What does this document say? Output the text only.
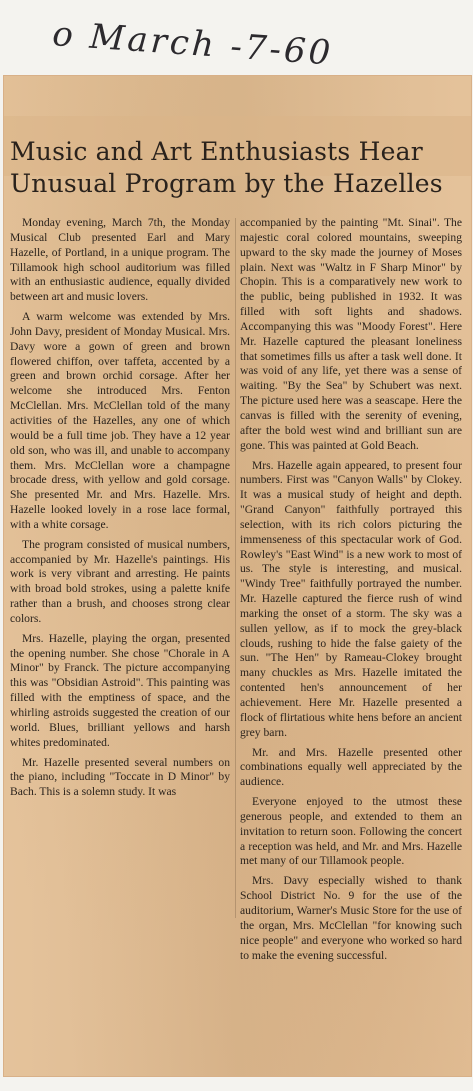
o March -7-60
Music and Art Enthusiasts Hear Unusual Program by the Hazelles

Monday evening, March 7th, the Monday Musical Club presented Earl and Mary Hazelle, of Portland, in a unique program. The Tillamook high school auditorium was filled with an enthusiastic audience, equally divided between art and music lovers.

A warm welcome was extended by Mrs. John Davy, president of Monday Musical. Mrs. Davy wore a gown of green and brown flowered chiffon, over taffeta, accented by a green and brown orchid corsage. After her welcome she introduced Mrs. Fenton McClellan. Mrs. McClellan told of the many activities of the Hazelles, any one of which would be a full time job. They have a 12 year old son, who was ill, and unable to accompany them. Mrs. McClellan wore a champagne brocade dress, with yellow and gold corsage. She presented Mr. and Mrs. Hazelle. Mrs. Hazelle looked lovely in a rose lace formal, with a white corsage.

The program consisted of musical numbers, accompanied by Mr. Hazelle's paintings. His work is very vibrant and arresting. He paints with broad bold strokes, using a palette knife rather than a brush, and chooses strong clear colors.

Mrs. Hazelle, playing the organ, presented the opening number. She chose "Chorale in A Minor" by Franck. The picture accompanying this was "Obsidian Astroid". This painting was filled with the emptiness of space, and the whirling astroids suggested the creation of our world. Blues, brilliant yellows and harsh whites predominated.

Mr. Hazelle presented several numbers on the piano, including "Toccate in D Minor" by Bach. This is a solemn study. It was

accompanied by the painting "Mt. Sinai". The majestic coral colored mountains, sweeping upward to the sky made the journey of Moses plain. Next was "Waltz in F Sharp Minor" by Chopin. This is a comparatively new work to the public, being published in 1932. It was filled with soft lights and shadows. Accompanying this was "Moody Forest". Here Mr. Hazelle captured the pleasant loneliness that sometimes fills us after a task well done. It was void of any life, yet there was a sense of waiting. "By the Sea" by Schubert was next. The picture used here was a seascape. Here the canvas is filled with the serenity of evening, after the bold west wind and brilliant sun are gone. This was painted at Gold Beach.

Mrs. Hazelle again appeared, to present four numbers. First was "Canyon Walls" by Clokey. It was a musical study of height and depth. "Grand Canyon" faithfully portrayed this selection, with its rich colors picturing the immenseness of this spectacular work of God. Rowley's "East Wind" is a new work to most of us. The style is interesting, and musical. "Windy Tree" faithfully portrayed the number. Mr. Hazelle captured the fierce rush of wind marking the onset of a storm. The sky was a sullen yellow, as if to mock the grey-black clouds, rushing to hide the false gaiety of the sun. "The Hen" by Rameau-Clokey brought many chuckles as Mrs. Hazelle imitated the contented hen's announcement of her achievement. Here Mr. Hazelle presented a flock of flirtatious white hens before an ancient grey barn.

Mr. and Mrs. Hazelle presented other combinations equally well appreciated by the audience.

Everyone enjoyed to the utmost these generous people, and extended to them an invitation to return soon. Following the concert a reception was held, and Mr. and Mrs. Hazelle met many of our Tillamook people.

Mrs. Davy especially wished to thank School District No. 9 for the use of the auditorium, Warner's Music Store for the use of the organ, Mrs. McClellan "for knowing such nice people" and everyone who worked so hard to make the evening successful.
